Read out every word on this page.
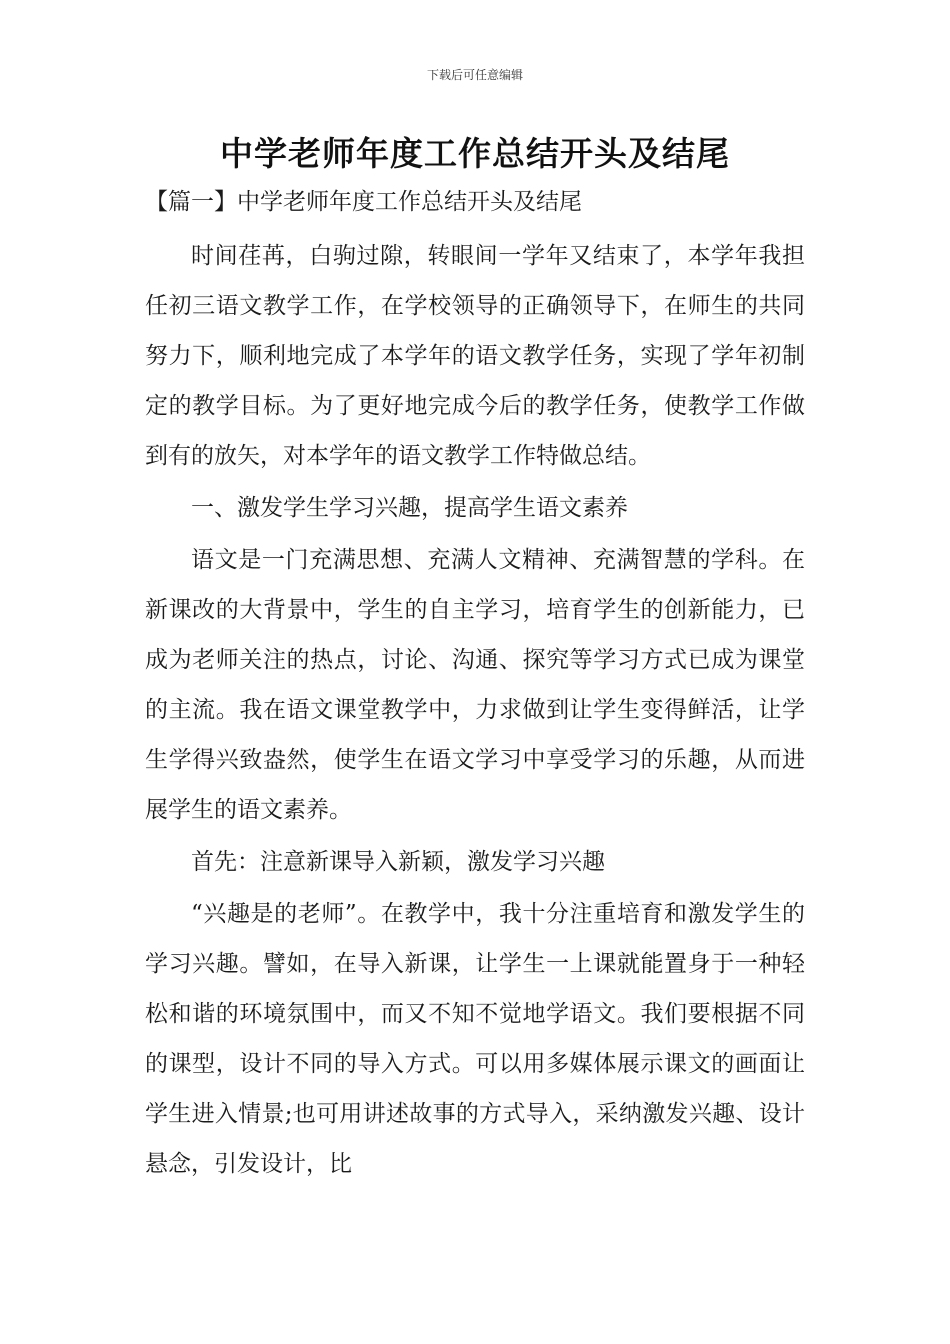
下载后可任意编辑
中学老师年度工作总结开头及结尾
【篇一】中学老师年度工作总结开头及结尾

时间荏苒，白驹过隙，转眼间一学年又结束了，本学年我担任初三语文教学工作，在学校领导的正确领导下，在师生的共同努力下，顺利地完成了本学年的语文教学任务，实现了学年初制定的教学目标。为了更好地完成今后的教学任务，使教学工作做到有的放矢，对本学年的语文教学工作特做总结。

一、激发学生学习兴趣，提高学生语文素养

语文是一门充满思想、充满人文精神、充满智慧的学科。在新课改的大背景中，学生的自主学习，培育学生的创新能力，已成为老师关注的热点，讨论、沟通、探究等学习方式已成为课堂的主流。我在语文课堂教学中，力求做到让学生变得鲜活，让学生学得兴致盎然，使学生在语文学习中享受学习的乐趣，从而进展学生的语文素养。

首先：注意新课导入新颖，激发学习兴趣

“兴趣是的老师”。在教学中，我十分注重培育和激发学生的学习兴趣。譬如，在导入新课，让学生一上课就能置身于一种轻松和谐的环境氛围中，而又不知不觉地学语文。我们要根据不同的课型，设计不同的导入方式。可以用多媒体展示课文的画面让学生进入情景;也可用讲述故事的方式导入，采纳激发兴趣、设计悬念，引发设计，比
